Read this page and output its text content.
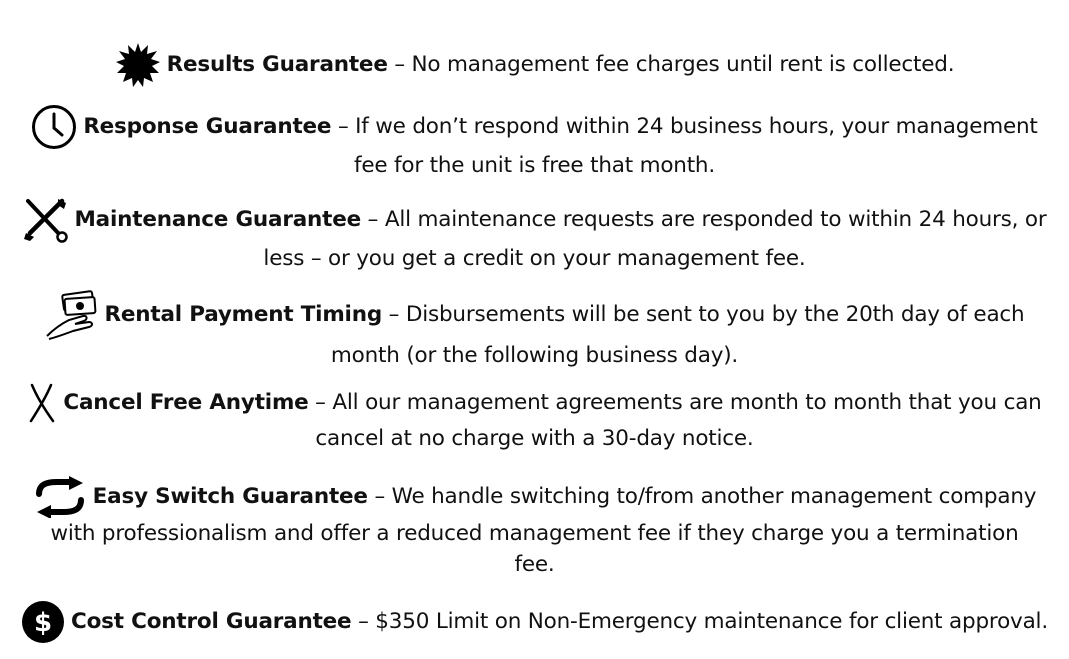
Results Guarantee – No management fee charges until rent is collected.
Response Guarantee – If we don’t respond within 24 business hours, your management fee for the unit is free that month.
Maintenance Guarantee – All maintenance requests are responded to within 24 hours, or less – or you get a credit on your management fee.
Rental Payment Timing – Disbursements will be sent to you by the 20th day of each month (or the following business day).
Cancel Free Anytime – All our management agreements are month to month that you can cancel at no charge with a 30-day notice.
Easy Switch Guarantee – We handle switching to/from another management company with professionalism and offer a reduced management fee if they charge you a termination fee.
$ Cost Control Guarantee – $350 Limit on Non-Emergency maintenance for client approval.
